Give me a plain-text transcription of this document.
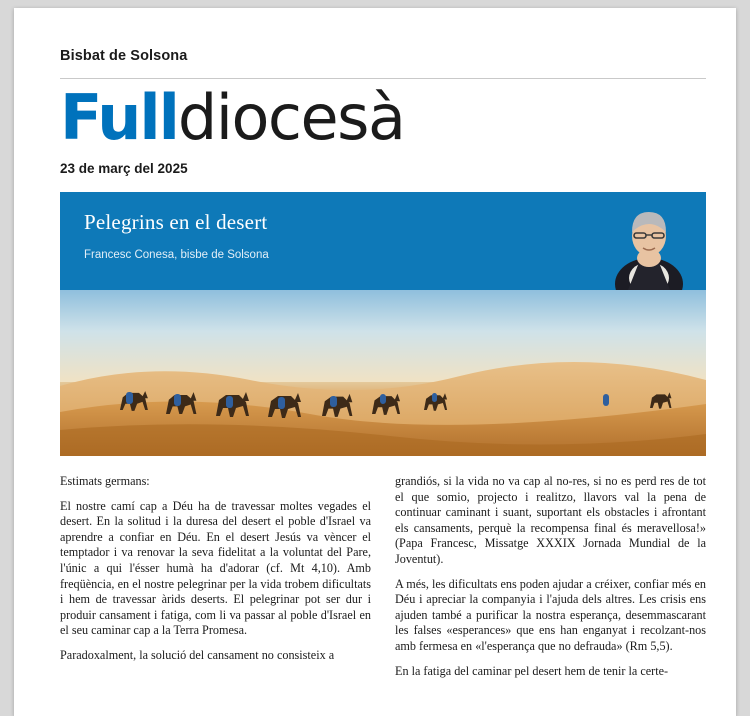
Bisbat de Solsona
Fulldiocesà
23 de març del 2025
Pelegrins en el desert
Francesc Conesa, bisbe de Solsona

Estimats germans:

El nostre camí cap a Déu ha de travessar moltes vegades el desert. En la solitud i la duresa del desert el poble d'Israel va aprendre a confiar en Déu. En el desert Jesús va vèncer el temptador i va renovar la seva fidelitat a la voluntat del Pare, l'únic a qui l'ésser humà ha d'adorar (cf. Mt 4,10). Amb freqüència, en el nostre pelegrinar per la vida trobem dificultats i hem de travessar àrids deserts. El pelegrinar pot ser dur i produir cansament i fatiga, com li va passar al poble d'Israel en el seu caminar cap a la Terra Promesa.

Paradoxalment, la solució del cansament no consisteix a

grandiós, si la vida no va cap al no-res, si no es perd res de tot el que somio, projecto i realitzo, llavors val la pena de continuar caminant i suant, suportant els obstacles i afrontant els cansaments, perquè la recompensa final és meravellosa!» (Papa Francesc, Missatge XXXIX Jornada Mundial de la Joventut).

A més, les dificultats ens poden ajudar a créixer, confiar més en Déu i apreciar la companyia i l'ajuda dels altres. Les crisis ens ajuden també a purificar la nostra esperança, desemmascarant les falses «esperances» que ens han enganyat i recolzant-nos amb fermesa en «l'esperança que no defrauda» (Rm 5,5).

En la fatiga del caminar pel desert hem de tenir la certe-
